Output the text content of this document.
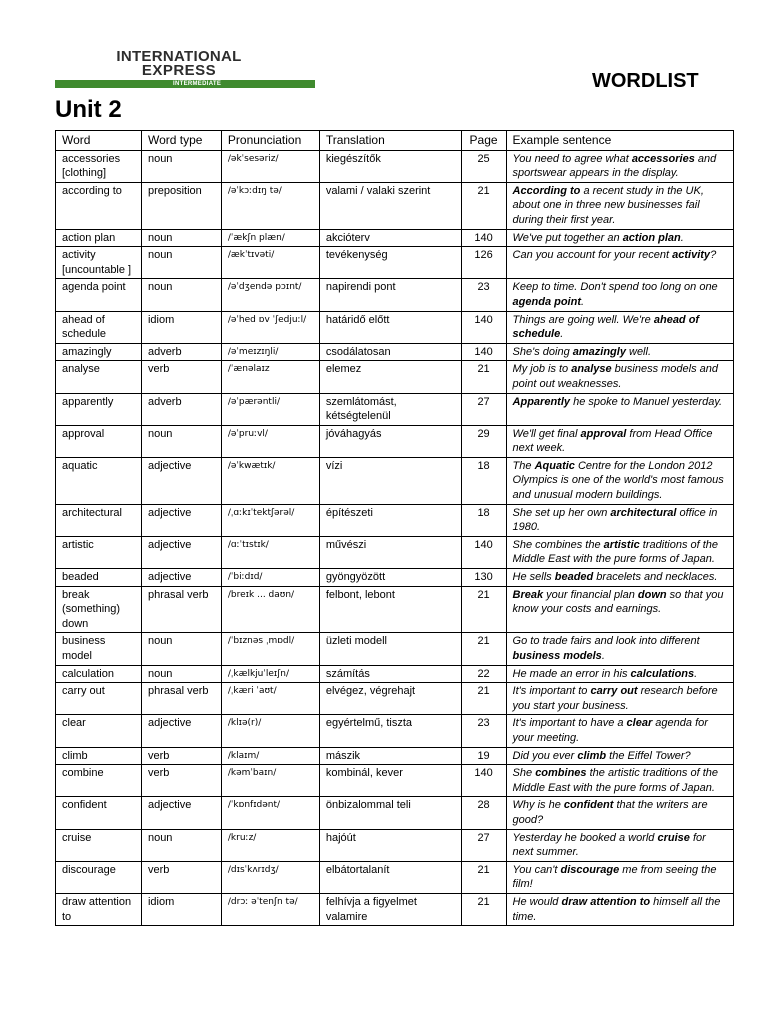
INTERNATIONAL
EXPRESS
INTERMEDIATE	WORDLIST
Unit 2
Word	Word type	Pronunciation	Translation	Page	Example sentence
accessories [clothing]	noun	/əkˈsesəriz/	kiegészítők	25	You need to agree what accessories and sportswear appears in the display.
according to	preposition	/əˈkɔːdɪŋ tə/	valami / valaki szerint	21	According to a recent study in the UK, about one in three new businesses fail during their first year.
action plan	noun	/ˈækʃn plæn/	akcióterv	140	We've put together an action plan.
activity [uncountable ]	noun	/ækˈtɪvəti/	tevékenység	126	Can you account for your recent activity?
agenda point	noun	/əˈdʒendə pɔɪnt/	napirendi pont	23	Keep to time. Don't spend too long on one agenda point.
ahead of schedule	idiom	/əˈhed ɒv ˈʃedjuːl/	határidő előtt	140	Things are going well. We're ahead of schedule.
amazingly	adverb	/əˈmeɪzɪŋli/	csodálatosan	140	She's doing amazingly well.
analyse	verb	/ˈænəlaɪz	elemez	21	My job is to analyse business models and point out weaknesses.
apparently	adverb	/əˈpærəntli/	szemlátomást, kétségtelenül	27	Apparently he spoke to Manuel yesterday.
approval	noun	/əˈpruːvl/	jóváhagyás	29	We'll get final approval from Head Office next week.
aquatic	adjective	/əˈkwætɪk/	vízi	18	The Aquatic Centre for the London 2012 Olympics is one of the world's most famous and unusual modern buildings.
architectural	adjective	/ˌɑːkɪˈtektʃərəl/	építészeti	18	She set up her own architectural office in 1980.
artistic	adjective	/ɑːˈtɪstɪk/	művészi	140	She combines the artistic traditions of the Middle East with the pure forms of Japan.
beaded	adjective	/ˈbiːdɪd/	gyöngyözött	130	He sells beaded bracelets and necklaces.
break (something) down	phrasal verb	/breɪk ... daʊn/	felbont, lebont	21	Break your financial plan down so that you know your costs and earnings.
business model	noun	/ˈbɪznəs ˌmɒdl/	üzleti modell	21	Go to trade fairs and look into different business models.
calculation	noun	/ˌkælkjuˈleɪʃn/	számítás	22	He made an error in his calculations.
carry out	phrasal verb	/ˌkæri ˈaʊt/	elvégez, végrehajt	21	It's important to carry out research before you start your business.
clear	adjective	/klɪə(r)/	egyértelmű, tiszta	23	It's important to have a clear agenda for your meeting.
climb	verb	/klaɪm/	mászik	19	Did you ever climb the Eiffel Tower?
combine	verb	/kəmˈbaɪn/	kombinál, kever	140	She combines the artistic traditions of the Middle East with the pure forms of Japan.
confident	adjective	/ˈkɒnfɪdənt/	önbizalommal teli	28	Why is he confident that the writers are good?
cruise	noun	/kruːz/	hajóút	27	Yesterday he booked a world cruise for next summer.
discourage	verb	/dɪsˈkʌrɪdʒ/	elbátortalanít	21	You can't discourage me from seeing the film!
draw attention to	idiom	/drɔː əˈtenʃn tə/	felhívja a figyelmet valamire	21	He would draw attention to himself all the time.
